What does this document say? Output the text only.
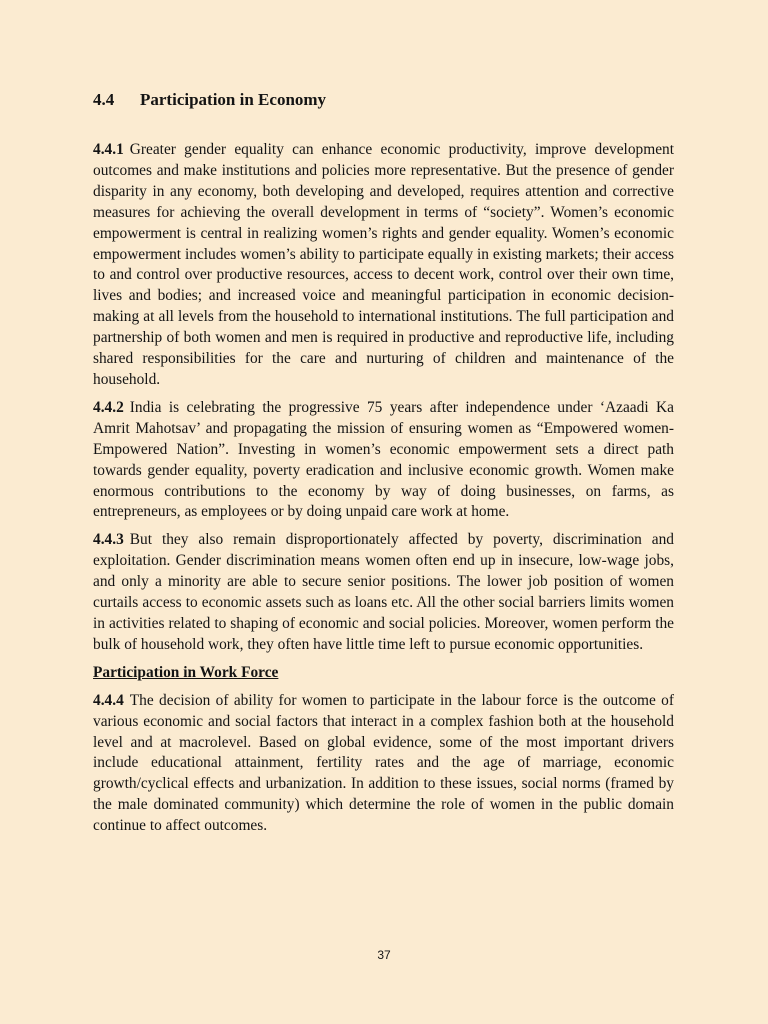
4.4	Participation in Economy

4.4.1 Greater gender equality can enhance economic productivity, improve development outcomes and make institutions and policies more representative. But the presence of gender disparity in any economy, both developing and developed, requires attention and corrective measures for achieving the overall development in terms of “society”. Women’s economic empowerment is central in realizing women’s rights and gender equality. Women’s economic empowerment includes women’s ability to participate equally in existing markets; their access to and control over productive resources, access to decent work, control over their own time, lives and bodies; and increased voice and meaningful participation in economic decision-making at all levels from the household to international institutions. The full participation and partnership of both women and men is required in productive and reproductive life, including shared responsibilities for the care and nurturing of children and maintenance of the household.

4.4.2 India is celebrating the progressive 75 years after independence under ‘Azaadi Ka Amrit Mahotsav’ and propagating the mission of ensuring women as “Empowered women- Empowered Nation”. Investing in women’s economic empowerment sets a direct path towards gender equality, poverty eradication and inclusive economic growth. Women make enormous contributions to the economy by way of doing businesses, on farms, as entrepreneurs, as employees or by doing unpaid care work at home.

4.4.3 But they also remain disproportionately affected by poverty, discrimination and exploitation. Gender discrimination means women often end up in insecure, low-wage jobs, and only a minority are able to secure senior positions. The lower job position of women curtails access to economic assets such as loans etc. All the other social barriers limits women in activities related to shaping of economic and social policies. Moreover, women perform the bulk of household work, they often have little time left to pursue economic opportunities.

Participation in Work Force

4.4.4 The decision of ability for women to participate in the labour force is the outcome of various economic and social factors that interact in a complex fashion both at the household level and at macrolevel. Based on global evidence, some of the most important drivers include educational attainment, fertility rates and the age of marriage, economic growth/cyclical effects and urbanization. In addition to these issues, social norms (framed by the male dominated community) which determine the role of women in the public domain continue to affect outcomes.

37
